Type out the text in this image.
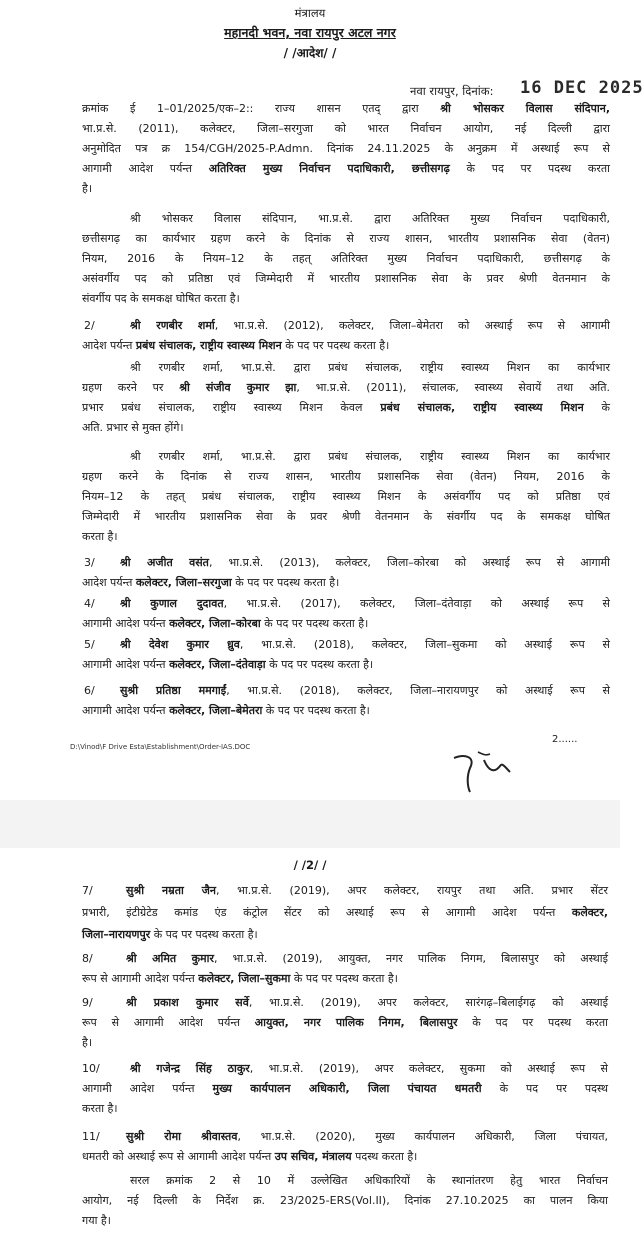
मंत्रालय
महानदी भवन, नवा रायपुर अटल नगर
/ /आदेश/ /
नवा रायपुर, दिनांक: 16 DEC 2025
क्रमांक ई 1–01/2025/एक–2:: राज्य शासन एतद् द्वारा श्री भोसकर विलास संदिपान,
भा.प्र.से. (2011), कलेक्टर, जिला–सरगुजा को भारत निर्वाचन आयोग, नई दिल्ली द्वारा
अनुमोदित पत्र क्र 154/CGH/2025-P.Admn. दिनांक 24.11.2025 के अनुक्रम में अस्थाई रूप से
आगामी आदेश पर्यन्त अतिरिक्त मुख्य निर्वाचन पदाधिकारी, छत्तीसगढ़ के पद पर पदस्थ करता
है।
श्री भोसकर विलास संदिपान, भा.प्र.से. द्वारा अतिरिक्त मुख्य निर्वाचन पदाधिकारी,
छत्तीसगढ़ का कार्यभार ग्रहण करने के दिनांक से राज्य शासन, भारतीय प्रशासनिक सेवा (वेतन)
नियम, 2016 के नियम–12 के तहत् अतिरिक्त मुख्य निर्वाचन पदाधिकारी, छत्तीसगढ़ के
असंवर्गीय पद को प्रतिष्ठा एवं जिम्मेदारी में भारतीय प्रशासनिक सेवा के प्रवर श्रेणी वेतनमान के
संवर्गीय पद के समकक्ष घोषित करता है।
2/	श्री रणबीर शर्मा, भा.प्र.से. (2012), कलेक्टर, जिला–बेमेतरा को अस्थाई रूप से आगामी
आदेश पर्यन्त प्रबंध संचालक, राष्ट्रीय स्वास्थ्य मिशन के पद पर पदस्थ करता है।
श्री रणबीर शर्मा, भा.प्र.से. द्वारा प्रबंध संचालक, राष्ट्रीय स्वास्थ्य मिशन का कार्यभार
ग्रहण करने पर श्री संजीव कुमार झा, भा.प्र.से. (2011), संचालक, स्वास्थ्य सेवायें तथा अति.
प्रभार प्रबंध संचालक, राष्ट्रीय स्वास्थ्य मिशन केवल प्रबंध संचालक, राष्ट्रीय स्वास्थ्य मिशन के
अति. प्रभार से मुक्त होंगे।
श्री रणबीर शर्मा, भा.प्र.से. द्वारा प्रबंध संचालक, राष्ट्रीय स्वास्थ्य मिशन का कार्यभार
ग्रहण करने के दिनांक से राज्य शासन, भारतीय प्रशासनिक सेवा (वेतन) नियम, 2016 के
नियम–12 के तहत् प्रबंध संचालक, राष्ट्रीय स्वास्थ्य मिशन के असंवर्गीय पद को प्रतिष्ठा एवं
जिम्मेदारी में भारतीय प्रशासनिक सेवा के प्रवर श्रेणी वेतनमान के संवर्गीय पद के समकक्ष घोषित
करता है।
3/ श्री अजीत वसंत, भा.प्र.से. (2013), कलेक्टर, जिला–कोरबा को अस्थाई रूप से आगामी
आदेश पर्यन्त कलेक्टर, जिला–सरगुजा के पद पर पदस्थ करता है।
4/ श्री कुणाल दुदावत, भा.प्र.से. (2017), कलेक्टर, जिला–दंतेवाड़ा को अस्थाई रूप से
आगामी आदेश पर्यन्त कलेक्टर, जिला–कोरबा के पद पर पदस्थ करता है।
5/ श्री देवेश कुमार ध्रुव, भा.प्र.से. (2018), कलेक्टर, जिला–सुकमा को अस्थाई रूप से
आगामी आदेश पर्यन्त कलेक्टर, जिला–दंतेवाड़ा के पद पर पदस्थ करता है।
6/ सुश्री प्रतिष्ठा ममगाईं, भा.प्र.से. (2018), कलेक्टर, जिला–नारायणपुर को अस्थाई रूप से
आगामी आदेश पर्यन्त कलेक्टर, जिला–बेमेतरा के पद पर पदस्थ करता है।
2......
D:\Vinod\F Drive Esta\Establishment\Order-IAS.DOC
/ /2/ /
7/	सुश्री नम्रता जैन, भा.प्र.से. (2019), अपर कलेक्टर, रायपुर तथा अति. प्रभार सेंटर
प्रभारी, इंटीग्रेटेड कमांड एंड कंट्रोल सेंटर को अस्थाई रूप से आगामी आदेश पर्यन्त कलेक्टर,
जिला–नारायणपुर के पद पर पदस्थ करता है।
8/	श्री अमित कुमार, भा.प्र.से. (2019), आयुक्त, नगर पालिक निगम, बिलासपुर को अस्थाई
रूप से आगामी आदेश पर्यन्त कलेक्टर, जिला–सुकमा के पद पर पदस्थ करता है।
9/	श्री प्रकाश कुमार सर्वे, भा.प्र.से. (2019), अपर कलेक्टर, सारंगढ़–बिलाईगढ़ को अस्थाई
रूप से आगामी आदेश पर्यन्त आयुक्त, नगर पालिक निगम, बिलासपुर के पद पर पदस्थ करता
है।
10/	श्री गजेन्द्र सिंह ठाकुर, भा.प्र.से. (2019), अपर कलेक्टर, सुकमा को अस्थाई रूप से
आगामी आदेश पर्यन्त मुख्य कार्यपालन अधिकारी, जिला पंचायत धमतरी के पद पर पदस्थ
करता है।
11/ सुश्री रोमा श्रीवास्तव, भा.प्र.से. (2020), मुख्य कार्यपालन अधिकारी, जिला पंचायत,
धमतरी को अस्थाई रूप से आगामी आदेश पर्यन्त उप सचिव, मंत्रालय पदस्थ करता है।
सरल क्रमांक 2 से 10 में उल्लेखित अधिकारियों के स्थानांतरण हेतु भारत निर्वाचन
आयोग, नई दिल्ली के निर्देश क्र. 23/2025-ERS(Vol.II), दिनांक 27.10.2025 का पालन किया
गया है।
